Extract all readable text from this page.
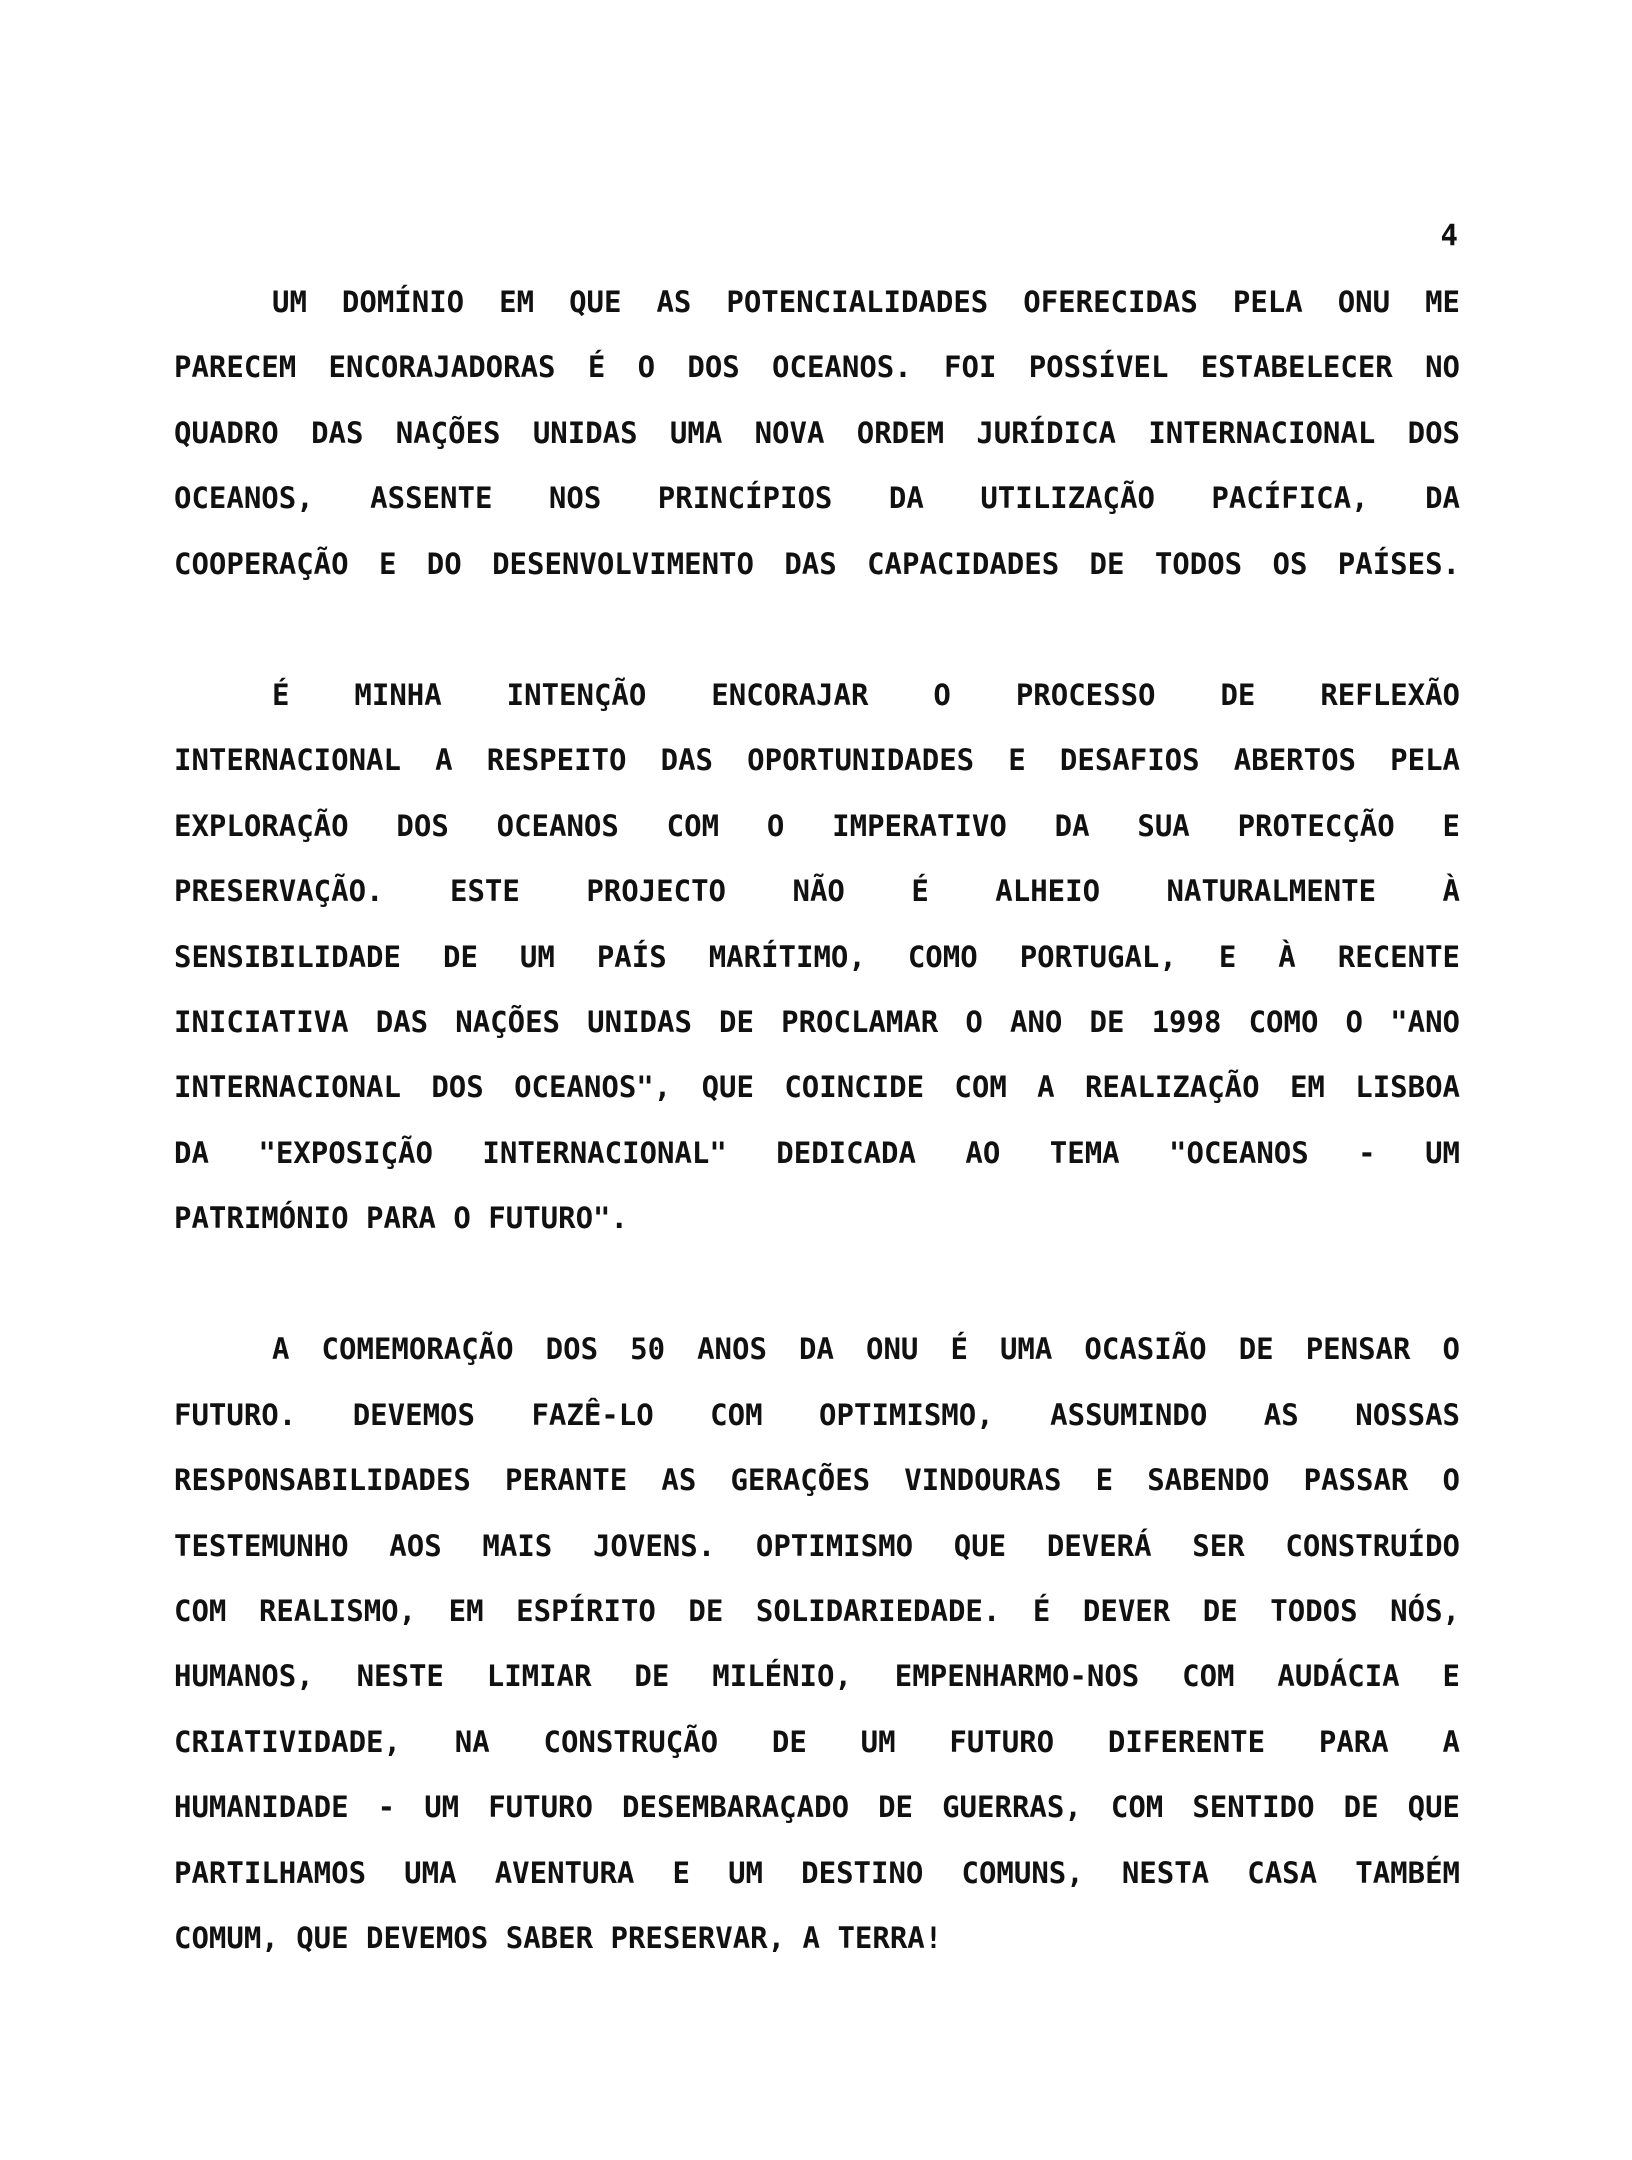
4
UM DOMÍNIO EM QUE AS POTENCIALIDADES OFERECIDAS PELA ONU ME
PARECEM ENCORAJADORAS É O DOS OCEANOS. FOI POSSÍVEL ESTABELECER NO
QUADRO DAS NAÇÕES UNIDAS UMA NOVA ORDEM JURÍDICA INTERNACIONAL DOS
OCEANOS, ASSENTE NOS PRINCÍPIOS DA UTILIZAÇÃO PACÍFICA, DA
COOPERAÇÃO E DO DESENVOLVIMENTO DAS CAPACIDADES DE TODOS OS PAÍSES.
É MINHA INTENÇÃO ENCORAJAR O PROCESSO DE REFLEXÃO
INTERNACIONAL A RESPEITO DAS OPORTUNIDADES E DESAFIOS ABERTOS PELA
EXPLORAÇÃO DOS OCEANOS COM O IMPERATIVO DA SUA PROTECÇÃO E
PRESERVAÇÃO. ESTE PROJECTO NÃO É ALHEIO NATURALMENTE À
SENSIBILIDADE DE UM PAÍS MARÍTIMO, COMO PORTUGAL, E À RECENTE
INICIATIVA DAS NAÇÕES UNIDAS DE PROCLAMAR O ANO DE 1998 COMO O "ANO
INTERNACIONAL DOS OCEANOS", QUE COINCIDE COM A REALIZAÇÃO EM LISBOA
DA "EXPOSIÇÃO INTERNACIONAL" DEDICADA AO TEMA "OCEANOS - UM
PATRIMÓNIO PARA O FUTURO".
A COMEMORAÇÃO DOS 50 ANOS DA ONU É UMA OCASIÃO DE PENSAR O
FUTURO. DEVEMOS FAZÊ-LO COM OPTIMISMO, ASSUMINDO AS NOSSAS
RESPONSABILIDADES PERANTE AS GERAÇÕES VINDOURAS E SABENDO PASSAR O
TESTEMUNHO AOS MAIS JOVENS. OPTIMISMO QUE DEVERÁ SER CONSTRUÍDO
COM REALISMO, EM ESPÍRITO DE SOLIDARIEDADE. É DEVER DE TODOS NÓS,
HUMANOS, NESTE LIMIAR DE MILÉNIO, EMPENHARMO-NOS COM AUDÁCIA E
CRIATIVIDADE, NA CONSTRUÇÃO DE UM FUTURO DIFERENTE PARA A
HUMANIDADE - UM FUTURO DESEMBARAÇADO DE GUERRAS, COM SENTIDO DE QUE
PARTILHAMOS UMA AVENTURA E UM DESTINO COMUNS, NESTA CASA TAMBÉM
COMUM, QUE DEVEMOS SABER PRESERVAR, A TERRA!
